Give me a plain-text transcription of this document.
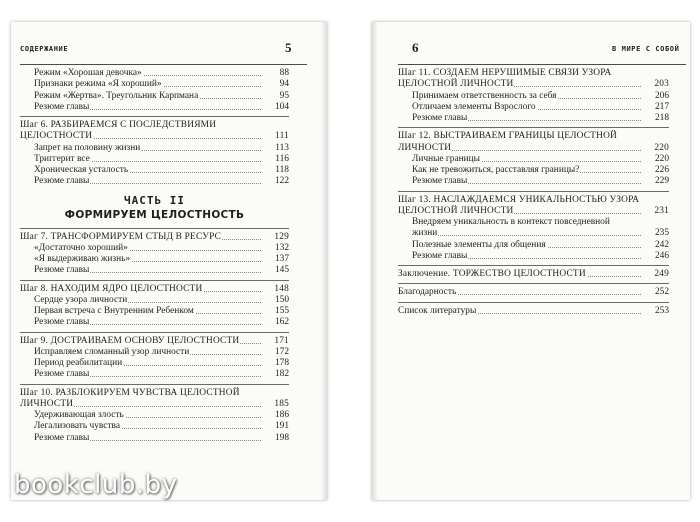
СОДЕРЖАНИЕ	5
Режим «Хорошая девочка»	88
Признаки режима «Я хороший»	94
Режим «Жертва». Треугольник Карпмана	95
Резюме главы	104
Шаг 6. РАЗБИРАЕМСЯ С ПОСЛЕДСТВИЯМИ
ЦЕЛОСТНОСТИ	111
Запрет на половину жизни	113
Триггерит все	116
Хроническая усталость	118
Резюме главы	122
ЧАСТЬ II
ФОРМИРУЕМ ЦЕЛОСТНОСТЬ
Шаг 7. ТРАНСФОРМИРУЕМ СТЫД В РЕСУРС	129
«Достаточно хороший»	132
«Я выдерживаю жизнь»	137
Резюме главы	145
Шаг 8. НАХОДИМ ЯДРО ЦЕЛОСТНОСТИ	148
Сердце узора личности	150
Первая встреча с Внутренним Ребенком	155
Резюме главы	162
Шаг 9. ДОСТРАИВАЕМ ОСНОВУ ЦЕЛОСТНОСТИ	171
Исправляем сломанный узор личности	172
Период реабилитации	178
Резюме главы	182
Шаг 10. РАЗБЛОКИРУЕМ ЧУВСТВА ЦЕЛОСТНОЙ
ЛИЧНОСТИ	185
Удерживающая злость	186
Легализовать чувства	191
Резюме главы	198
6	В МИРЕ С СОБОЙ
Шаг 11. СОЗДАЕМ НЕРУШИМЫЕ СВЯЗИ УЗОРА
ЦЕЛОСТНОЙ ЛИЧНОСТИ	203
Принимаем ответственность за себя	206
Отличаем элементы Взрослого	217
Резюме главы	218
Шаг 12. ВЫСТРАИВАЕМ ГРАНИЦЫ ЦЕЛОСТНОЙ
ЛИЧНОСТИ	220
Личные границы	220
Как не тревожиться, расставляя границы?	226
Резюме главы	229
Шаг 13. НАСЛАЖДАЕМСЯ УНИКАЛЬНОСТЬЮ УЗОРА
ЦЕЛОСТНОЙ ЛИЧНОСТИ	231
Внедряем уникальность в контекст повседневной
жизни	235
Полезные элементы для общения	242
Резюме главы	246
Заключение. ТОРЖЕСТВО ЦЕЛОСТНОСТИ	249
Благодарность	252
Список литературы	253
bookclub.by
